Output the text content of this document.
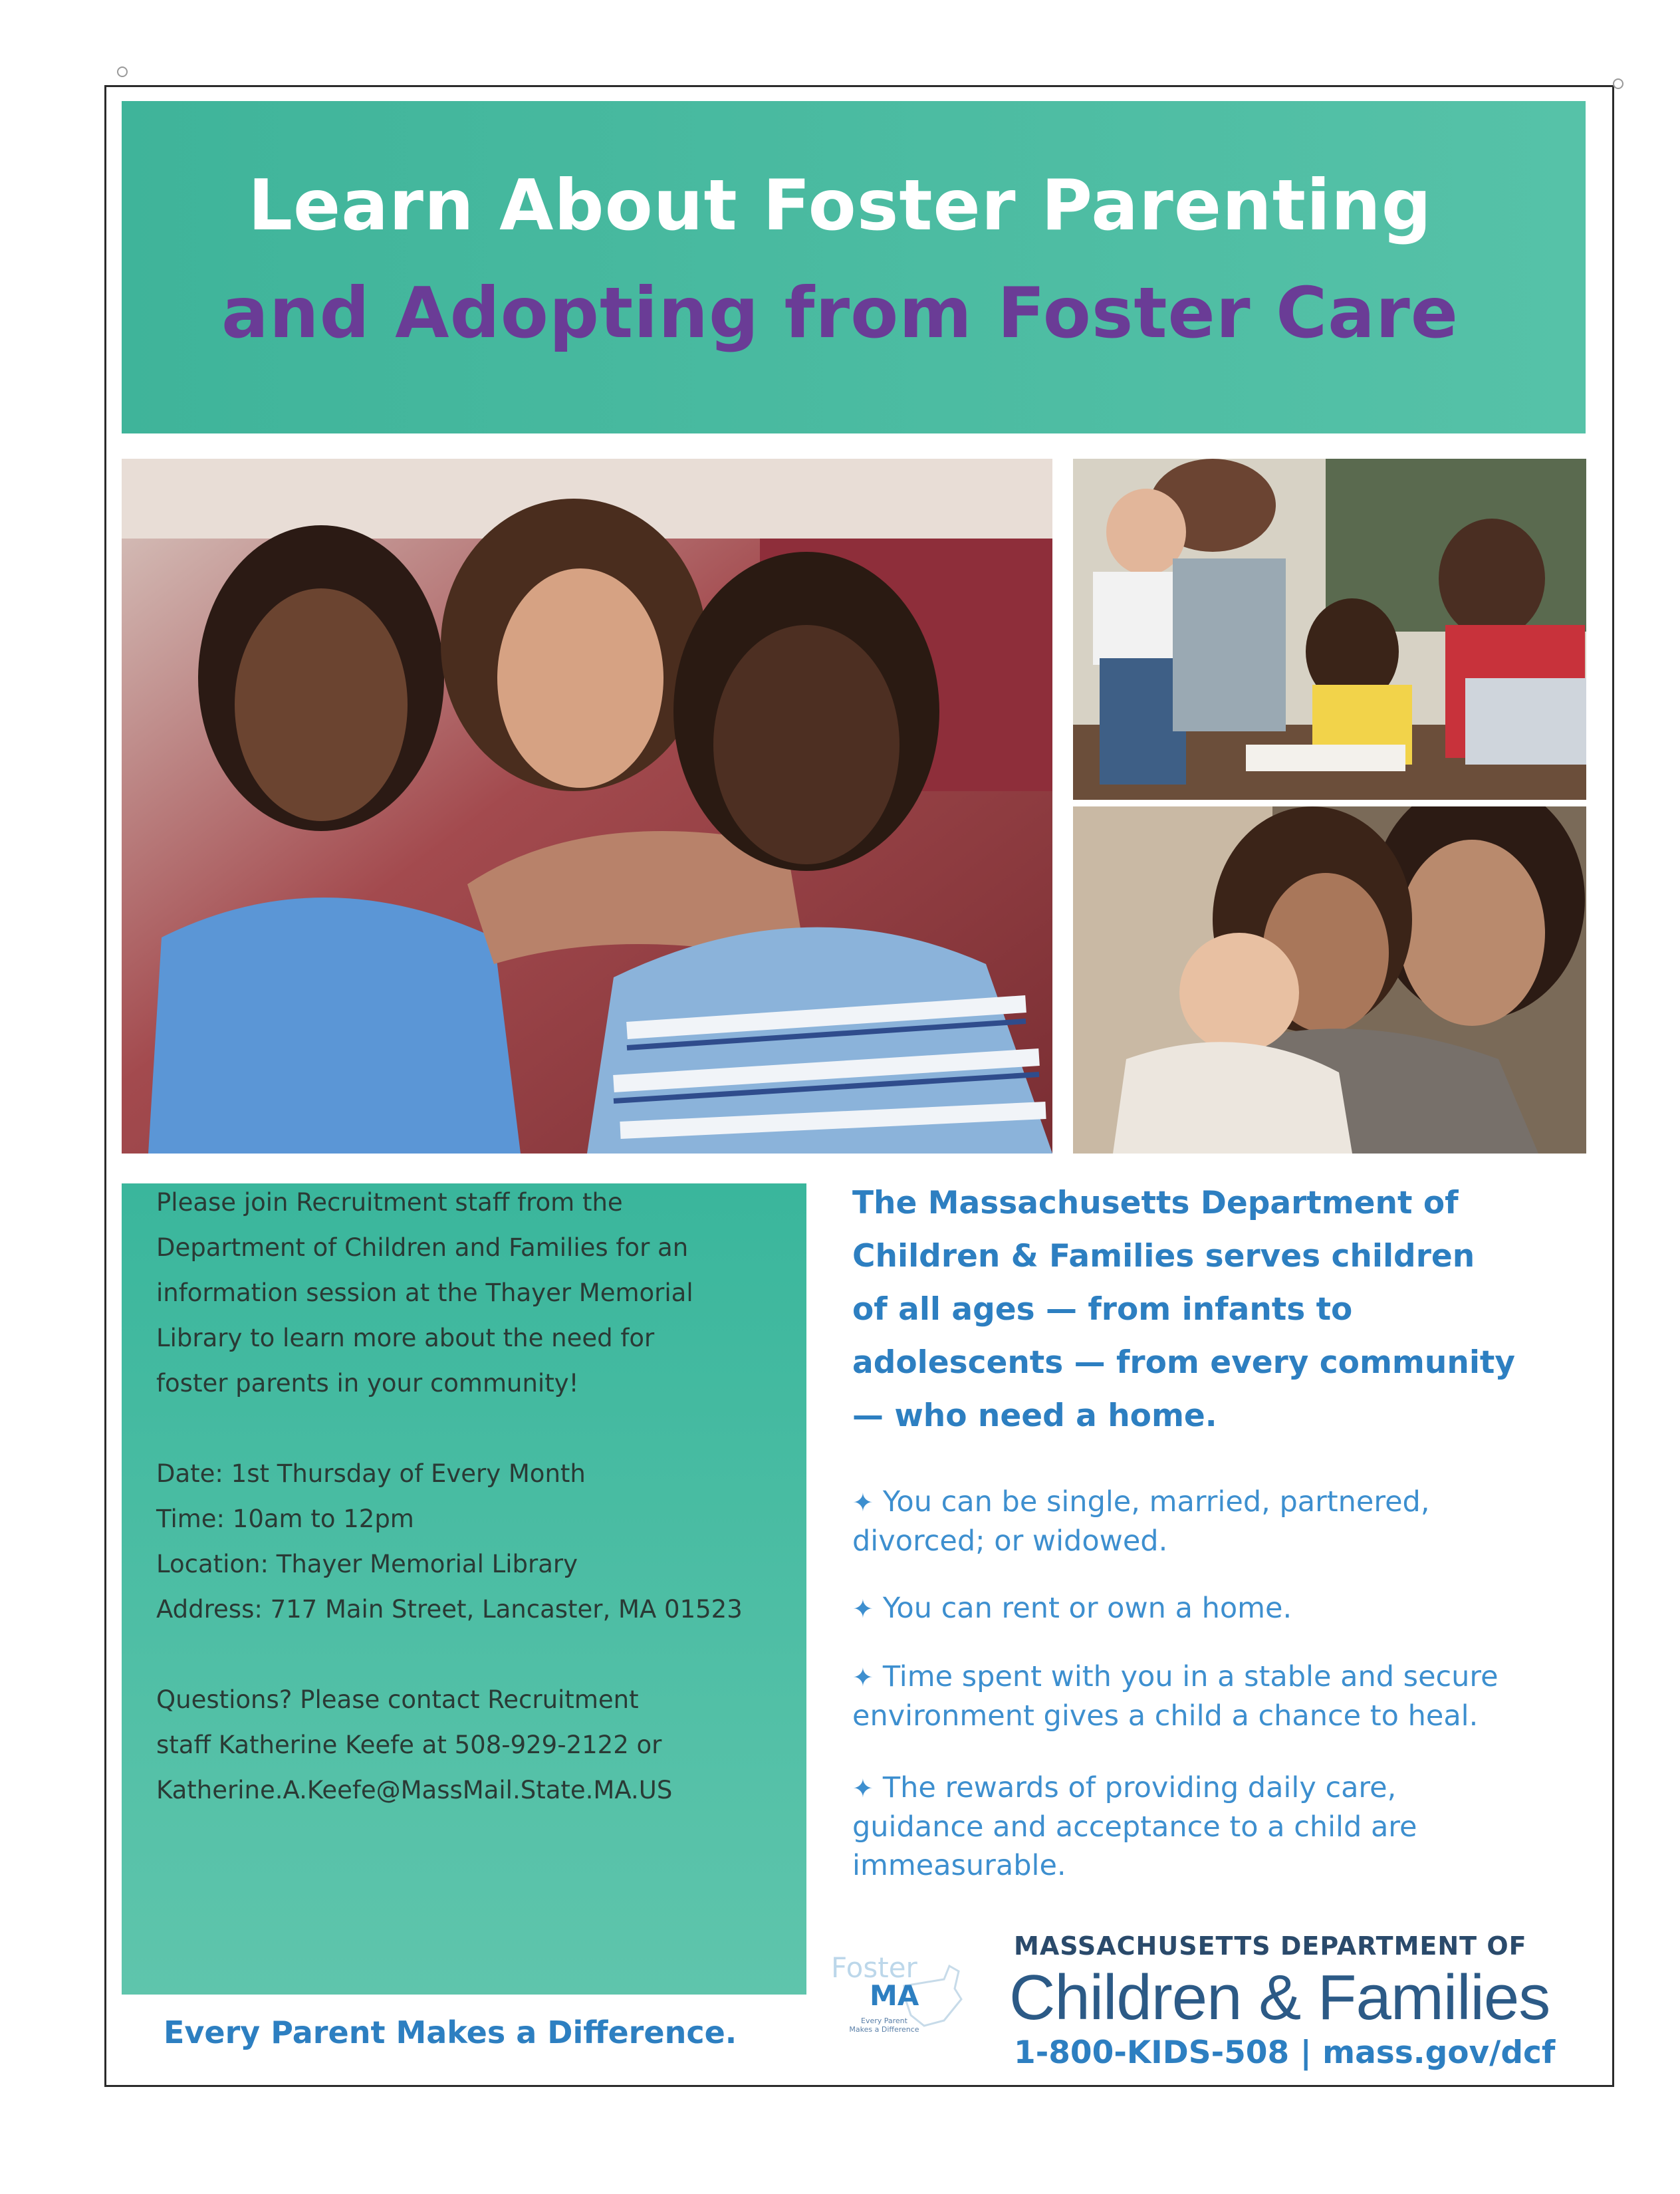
Learn About Foster Parenting
and Adopting from Foster Care
Please join Recruitment staff from the
Department of Children and Families for an
information session at the Thayer Memorial
Library to learn more about the need for
foster parents in your community!
Date: 1st Thursday of Every Month
Time: 10am to 12pm
Location: Thayer Memorial Library
Address: 717 Main Street, Lancaster, MA 01523
Questions? Please contact Recruitment
staff Katherine Keefe at 508-929-2122 or
Katherine.A.Keefe@MassMail.State.MA.US
Every Parent Makes a Difference.
The Massachusetts Department of
Children & Families serves children
of all ages — from infants to
adolescents — from every community
— who need a home.
✦ You can be single, married, partnered,
divorced; or widowed.
✦ You can rent or own a home.
✦ Time spent with you in a stable and secure
environment gives a child a chance to heal.
✦ The rewards of providing daily care,
guidance and acceptance to a child are
immeasurable.
Foster
MA
Every Parent
Makes a Difference
MASSACHUSETTS DEPARTMENT OF
Children & Families
1-800-KIDS-508 | mass.gov/dcf
